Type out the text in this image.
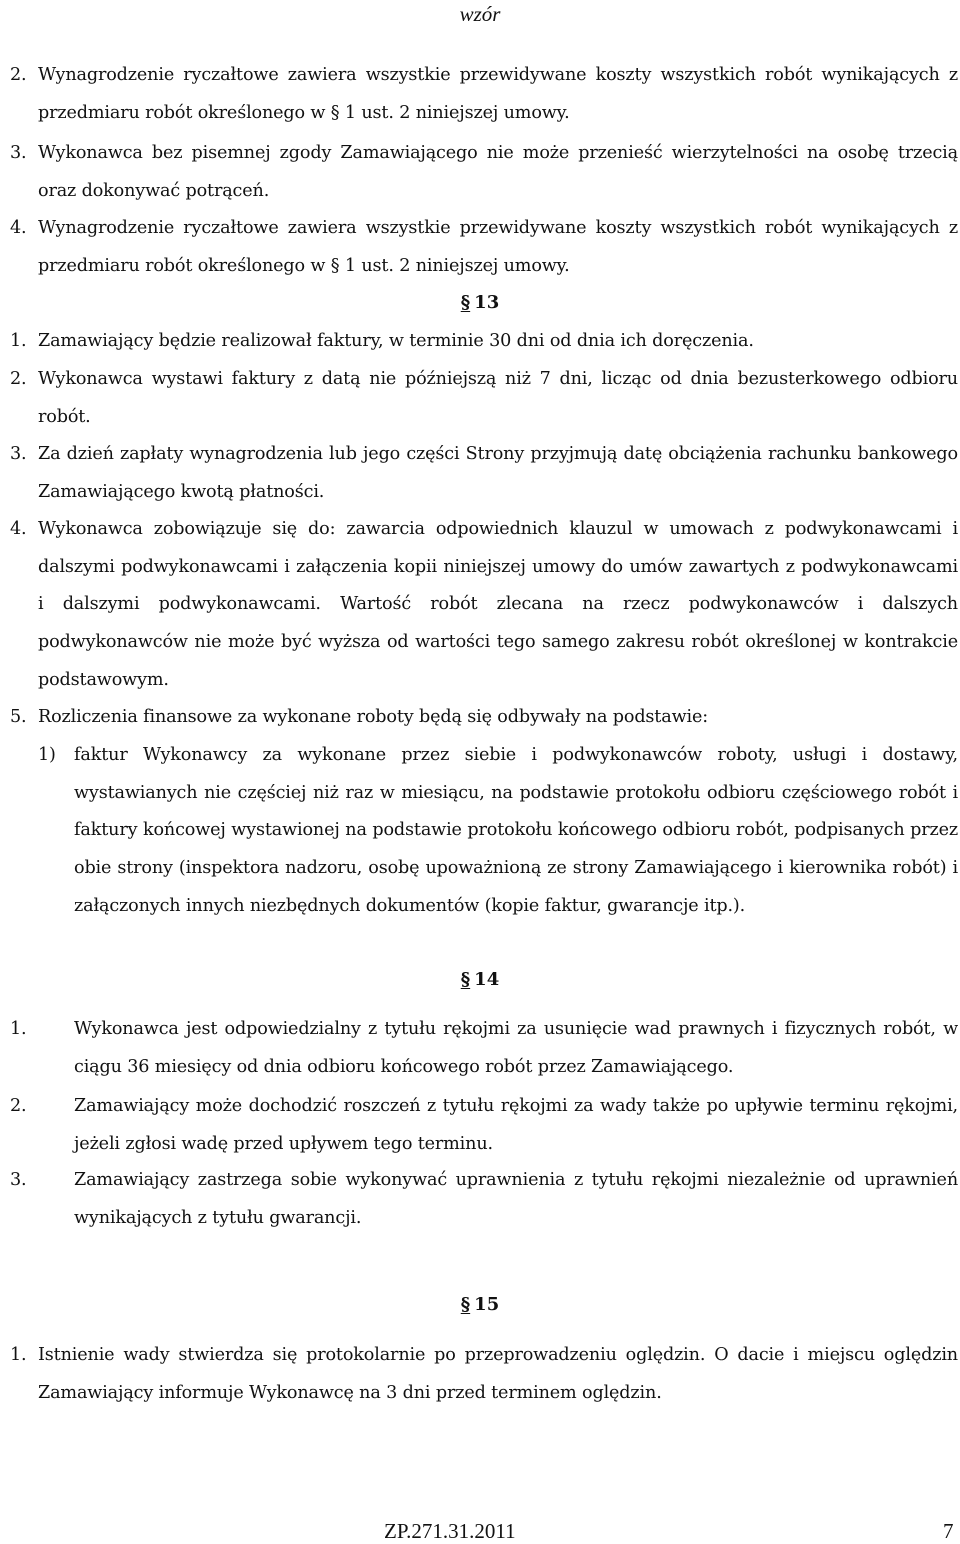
wzór
2. Wynagrodzenie ryczałtowe zawiera wszystkie przewidywane koszty wszystkich robót wynikających z przedmiaru robót określonego w § 1 ust. 2 niniejszej umowy.
3. Wykonawca bez pisemnej zgody Zamawiającego nie może przenieść wierzytelności na osobę trzecią oraz dokonywać potrąceń.
4. Wynagrodzenie ryczałtowe zawiera wszystkie przewidywane koszty wszystkich robót wynikających z przedmiaru robót określonego w § 1 ust. 2 niniejszej umowy.
§ 13
1. Zamawiający będzie realizował faktury, w terminie 30 dni od dnia ich doręczenia.
2. Wykonawca wystawi faktury z datą nie późniejszą niż 7 dni, licząc od dnia bezusterkowego odbioru robót.
3. Za dzień zapłaty wynagrodzenia lub jego części Strony przyjmują datę obciążenia rachunku bankowego Zamawiającego kwotą płatności.
4. Wykonawca zobowiązuje się do: zawarcia odpowiednich klauzul w umowach z podwykonawcami i dalszymi podwykonawcami i załączenia kopii niniejszej umowy do umów zawartych z podwykonawcami i dalszymi podwykonawcami. Wartość robót zlecana na rzecz podwykonawców i dalszych podwykonawców nie może być wyższa od wartości tego samego zakresu robót określonej w kontrakcie podstawowym.
5. Rozliczenia finansowe za wykonane roboty będą się odbywały na podstawie:
1) faktur Wykonawcy za wykonane przez siebie i podwykonawców roboty, usługi i dostawy, wystawianych nie częściej niż raz w miesiącu, na podstawie protokołu odbioru częściowego robót i faktury końcowej wystawionej na podstawie protokołu końcowego odbioru robót, podpisanych przez obie strony (inspektora nadzoru, osobę upoważnioną ze strony Zamawiającego i kierownika robót) i załączonych innych niezbędnych dokumentów (kopie faktur, gwarancje itp.).
§ 14
1.	Wykonawca jest odpowiedzialny z tytułu rękojmi za usunięcie wad prawnych i fizycznych robót, w ciągu 36 miesięcy od dnia odbioru końcowego robót przez Zamawiającego.
2.	Zamawiający może dochodzić roszczeń z tytułu rękojmi za wady także po upływie terminu rękojmi, jeżeli zgłosi wadę przed upływem tego terminu.
3.	Zamawiający zastrzega sobie wykonywać uprawnienia z tytułu rękojmi niezależnie od uprawnień wynikających z tytułu gwarancji.
§ 15
1. Istnienie wady stwierdza się protokolarnie po przeprowadzeniu oględzin. O dacie i miejscu oględzin Zamawiający informuje Wykonawcę na 3 dni przed terminem oględzin.
ZP.271.31.2011	7
